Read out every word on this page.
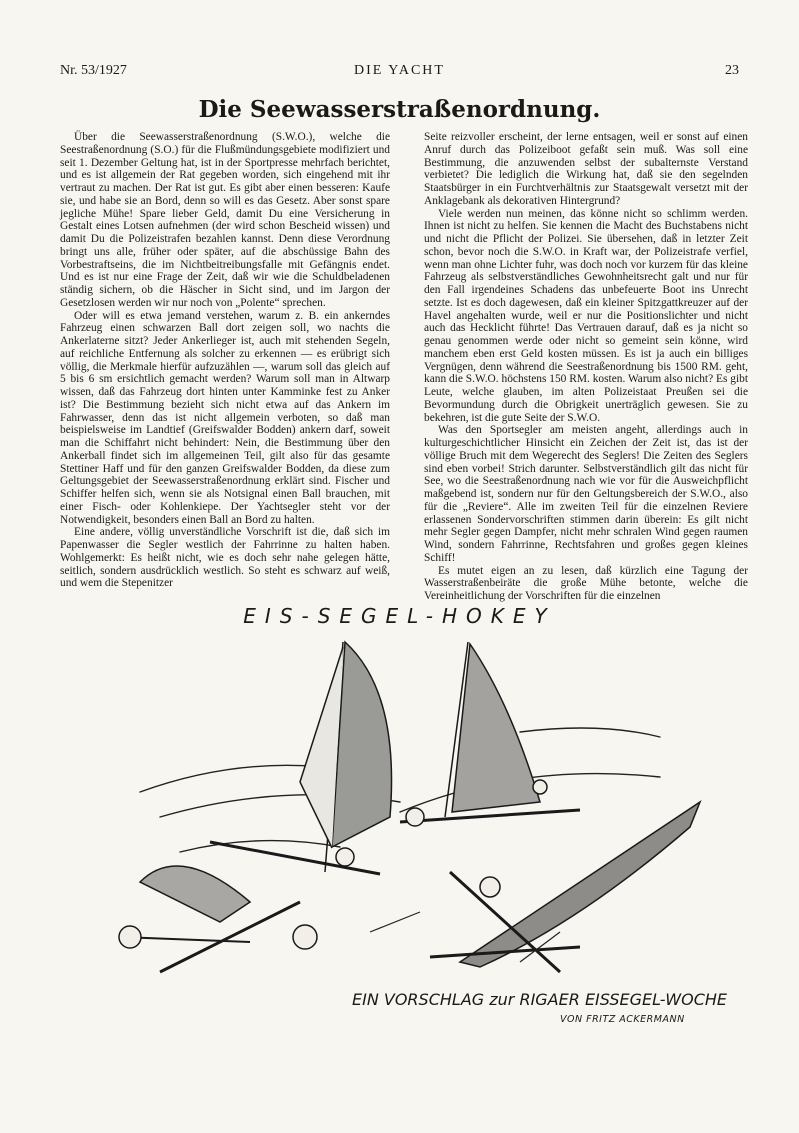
Nr. 53/1927	DIE YACHT	23
Die Seewasserstraßenordnung.

Über die Seewasserstraßenordnung (S.W.O.), welche die Seestraßenordnung (S.O.) für die Flußmündungsgebiete modifiziert und seit 1. Dezember Geltung hat, ist in der Sportpresse mehrfach berichtet, und es ist allgemein der Rat gegeben worden, sich eingehend mit ihr vertraut zu machen. Der Rat ist gut. Es gibt aber einen besseren: Kaufe sie, und habe sie an Bord, denn so will es das Gesetz. Aber sonst spare jegliche Mühe! Spare lieber Geld, damit Du eine Versicherung in Gestalt eines Lotsen aufnehmen (der wird schon Bescheid wissen) und damit Du die Polizeistrafen bezahlen kannst. Denn diese Verordnung bringt uns alle, früher oder später, auf die abschüssige Bahn des Vorbestraftseins, die im Nichtbeitreibungsfalle mit Gefängnis endet. Und es ist nur eine Frage der Zeit, daß wir wie die Schuldbeladenen ständig sichern, ob die Häscher in Sicht sind, und im Jargon der Gesetzlosen werden wir nur noch von „Polente“ sprechen.

Oder will es etwa jemand verstehen, warum z. B. ein ankerndes Fahrzeug einen schwarzen Ball dort zeigen soll, wo nachts die Ankerlaterne sitzt? Jeder Ankerlieger ist, auch mit stehenden Segeln, auf reichliche Entfernung als solcher zu erkennen — es erübrigt sich völlig, die Merkmale hierfür aufzuzählen —, warum soll das gleich auf 5 bis 6 sm ersichtlich gemacht werden? Warum soll man in Altwarp wissen, daß das Fahrzeug dort hinten unter Kamminke fest zu Anker ist? Die Bestimmung bezieht sich nicht etwa auf das Ankern im Fahrwasser, denn das ist nicht allgemein verboten, so daß man beispielsweise im Landtief (Greifswalder Bodden) ankern darf, soweit man die Schiffahrt nicht behindert: Nein, die Bestimmung über den Ankerball findet sich im allgemeinen Teil, gilt also für das gesamte Stettiner Haff und für den ganzen Greifswalder Bodden, da diese zum Geltungsgebiet der Seewasserstraßenordnung erklärt sind. Fischer und Schiffer helfen sich, wenn sie als Notsignal einen Ball brauchen, mit einer Fisch- oder Kohlenkiepe. Der Yachtsegler steht vor der Notwendigkeit, besonders einen Ball an Bord zu halten.

Eine andere, völlig unverständliche Vorschrift ist die, daß sich im Papenwasser die Segler westlich der Fahrrinne zu halten haben. Wohlgemerkt: Es heißt nicht, wie es doch sehr nahe gelegen hätte, seitlich, sondern ausdrücklich westlich. So steht es schwarz auf weiß, und wem die Stepenitzer

Seite reizvoller erscheint, der lerne entsagen, weil er sonst auf einen Anruf durch das Polizeiboot gefaßt sein muß. Was soll eine Bestimmung, die anzuwenden selbst der subalternste Verstand verbietet? Die lediglich die Wirkung hat, daß sie den segelnden Staatsbürger in ein Furchtverhältnis zur Staatsgewalt versetzt mit der Anklagebank als dekorativen Hintergrund?

Viele werden nun meinen, das könne nicht so schlimm werden. Ihnen ist nicht zu helfen. Sie kennen die Macht des Buchstabens nicht und nicht die Pflicht der Polizei. Sie übersehen, daß in letzter Zeit schon, bevor noch die S.W.O. in Kraft war, der Polizeistrafe verfiel, wenn man ohne Lichter fuhr, was doch noch vor kurzem für das kleine Fahrzeug als selbstverständliches Gewohnheitsrecht galt und nur für den Fall irgendeines Schadens das unbefeuerte Boot ins Unrecht setzte. Ist es doch dagewesen, daß ein kleiner Spitzgattkreuzer auf der Havel angehalten wurde, weil er nur die Positionslichter und nicht auch das Hecklicht führte! Das Vertrauen darauf, daß es ja nicht so genau genommen werde oder nicht so gemeint sein könne, wird manchem eben erst Geld kosten müssen. Es ist ja auch ein billiges Vergnügen, denn während die Seestraßenordnung bis 1500 RM. geht, kann die S.W.O. höchstens 150 RM. kosten. Warum also nicht? Es gibt Leute, welche glauben, im alten Polizeistaat Preußen sei die Bevormundung durch die Obrigkeit unerträglich gewesen. Sie zu bekehren, ist die gute Seite der S.W.O.

Was den Sportsegler am meisten angeht, allerdings auch in kulturgeschichtlicher Hinsicht ein Zeichen der Zeit ist, das ist der völlige Bruch mit dem Wegerecht des Seglers! Die Zeiten des Seglers sind eben vorbei! Strich darunter. Selbstverständlich gilt das nicht für See, wo die Seestraßenordnung nach wie vor für die Ausweichpflicht maßgebend ist, sondern nur für den Geltungsbereich der S.W.O., also für die „Reviere“. Alle im zweiten Teil für die einzelnen Reviere erlassenen Sondervorschriften stimmen darin überein: Es gilt nicht mehr Segler gegen Dampfer, nicht mehr schralen Wind gegen raumen Wind, sondern Fahrrinne, Rechtsfahren und großes gegen kleines Schiff!

Es mutet eigen an zu lesen, daß kürzlich eine Tagung der Wasserstraßenbeiräte die große Mühe betonte, welche die Vereinheitlichung der Vorschriften für die einzelnen

EIS-SEGEL-HOKEY
EIN VORSCHLAG zur RIGAER EISSEGEL-WOCHE
VON FRITZ ACKERMANN
